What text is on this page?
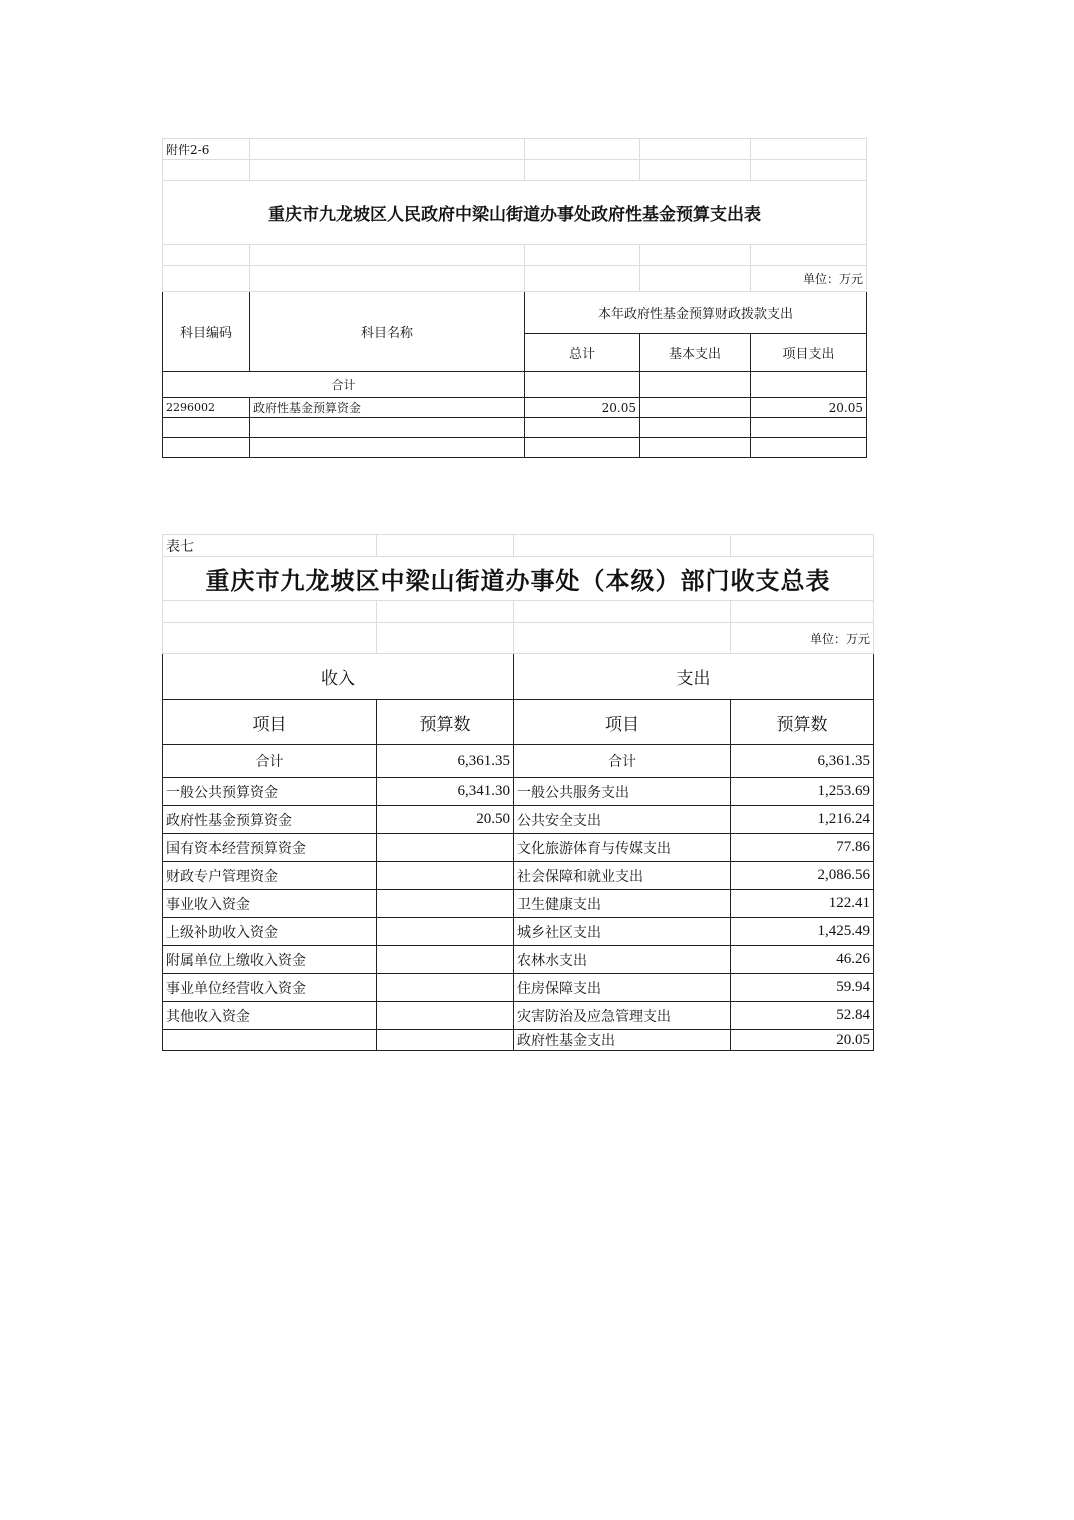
附件2-6				

重庆市九龙坡区人民政府中梁山街道办事处政府性基金预算支出表				

				单位：万元
科目编码	科目名称	本年政府性基金预算财政拨款支出		
		总计	基本支出	项目支出
合计				
2296002	政府性基金预算资金	20.05		20.05

表七			
重庆市九龙坡区中梁山街道办事处（本级）部门收支总表			

			单位：万元
收入		支出	
项目	预算数	项目	预算数
合计	6,361.35	合计	6,361.35
一般公共预算资金	6,341.30	一般公共服务支出	1,253.69
政府性基金预算资金	20.50	公共安全支出	1,216.24
国有资本经营预算资金		文化旅游体育与传媒支出	77.86
财政专户管理资金		社会保障和就业支出	2,086.56
事业收入资金		卫生健康支出	122.41
上级补助收入资金		城乡社区支出	1,425.49
附属单位上缴收入资金		农林水支出	46.26
事业单位经营收入资金		住房保障支出	59.94
其他收入资金		灾害防治及应急管理支出	52.84
		政府性基金支出	20.05
